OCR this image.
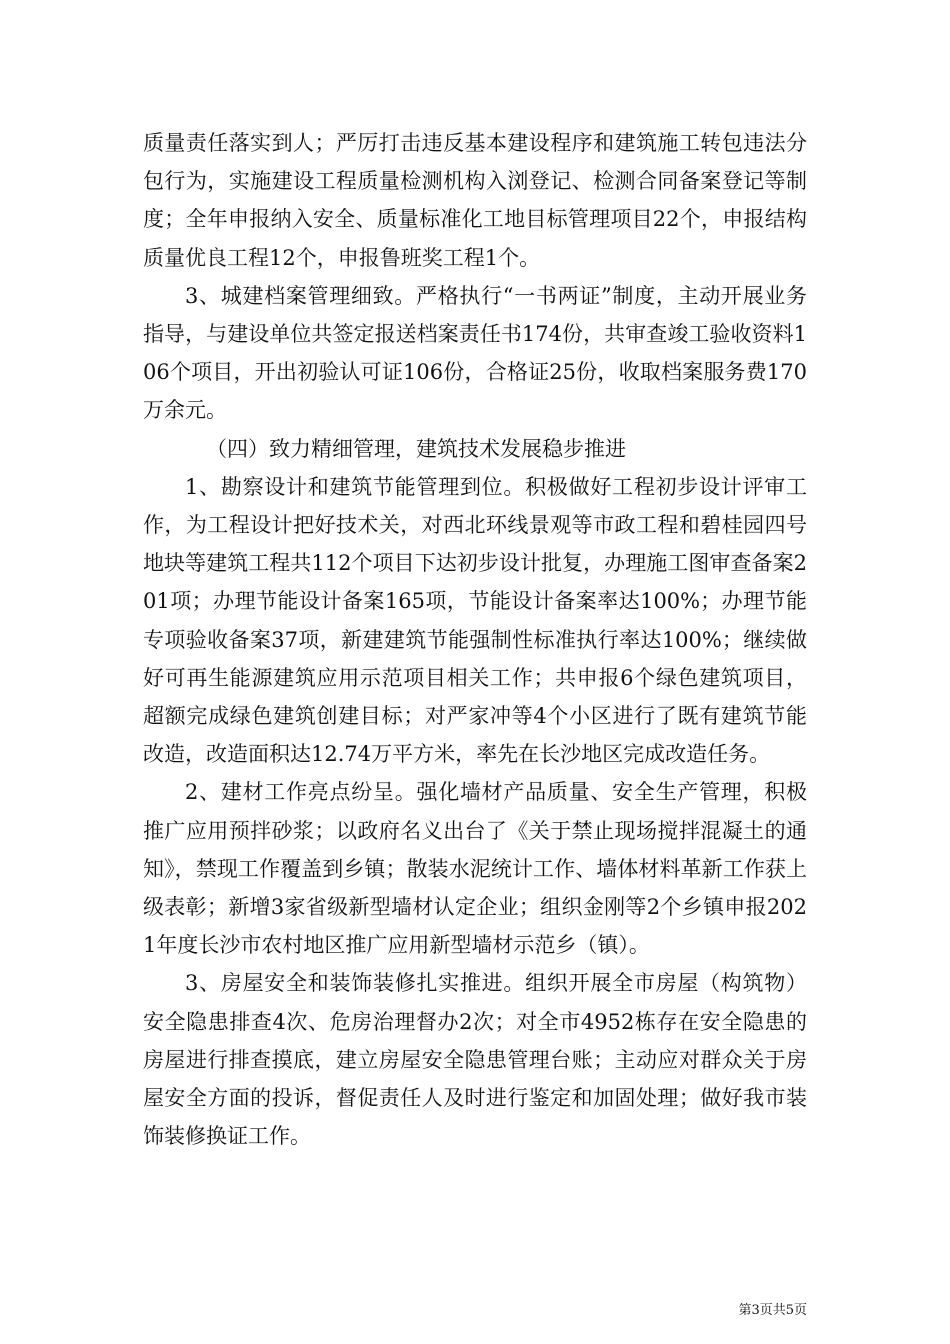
质量责任落实到人；严厉打击违反基本建设程序和建筑施工转包违法分包行为，实施建设工程质量检测机构入浏登记、检测合同备案登记等制度；全年申报纳入安全、质量标准化工地目标管理项目22个，申报结构质量优良工程12个，申报鲁班奖工程1个。

3、城建档案管理细致。严格执行“一书两证”制度，主动开展业务指导，与建设单位共签定报送档案责任书174份，共审查竣工验收资料106个项目，开出初验认可证106份，合格证25份，收取档案服务费170万余元。

（四）致力精细管理，建筑技术发展稳步推进

1、勘察设计和建筑节能管理到位。积极做好工程初步设计评审工作，为工程设计把好技术关，对西北环线景观等市政工程和碧桂园四号地块等建筑工程共112个项目下达初步设计批复，办理施工图审查备案201项；办理节能设计备案165项，节能设计备案率达100%；办理节能专项验收备案37项，新建建筑节能强制性标准执行率达100%；继续做好可再生能源建筑应用示范项目相关工作；共申报6个绿色建筑项目，超额完成绿色建筑创建目标；对严家冲等4个小区进行了既有建筑节能改造，改造面积达12.74万平方米，率先在长沙地区完成改造任务。

2、建材工作亮点纷呈。强化墙材产品质量、安全生产管理，积极推广应用预拌砂浆；以政府名义出台了《关于禁止现场搅拌混凝土的通知》，禁现工作覆盖到乡镇；散装水泥统计工作、墙体材料革新工作获上级表彰；新增3家省级新型墙材认定企业；组织金刚等2个乡镇申报2021年度长沙市农村地区推广应用新型墙材示范乡（镇）。

3、房屋安全和装饰装修扎实推进。组织开展全市房屋（构筑物）安全隐患排查4次、危房治理督办2次；对全市4952栋存在安全隐患的房屋进行排查摸底，建立房屋安全隐患管理台账；主动应对群众关于房屋安全方面的投诉，督促责任人及时进行鉴定和加固处理；做好我市装饰装修换证工作。

第3页共5页
